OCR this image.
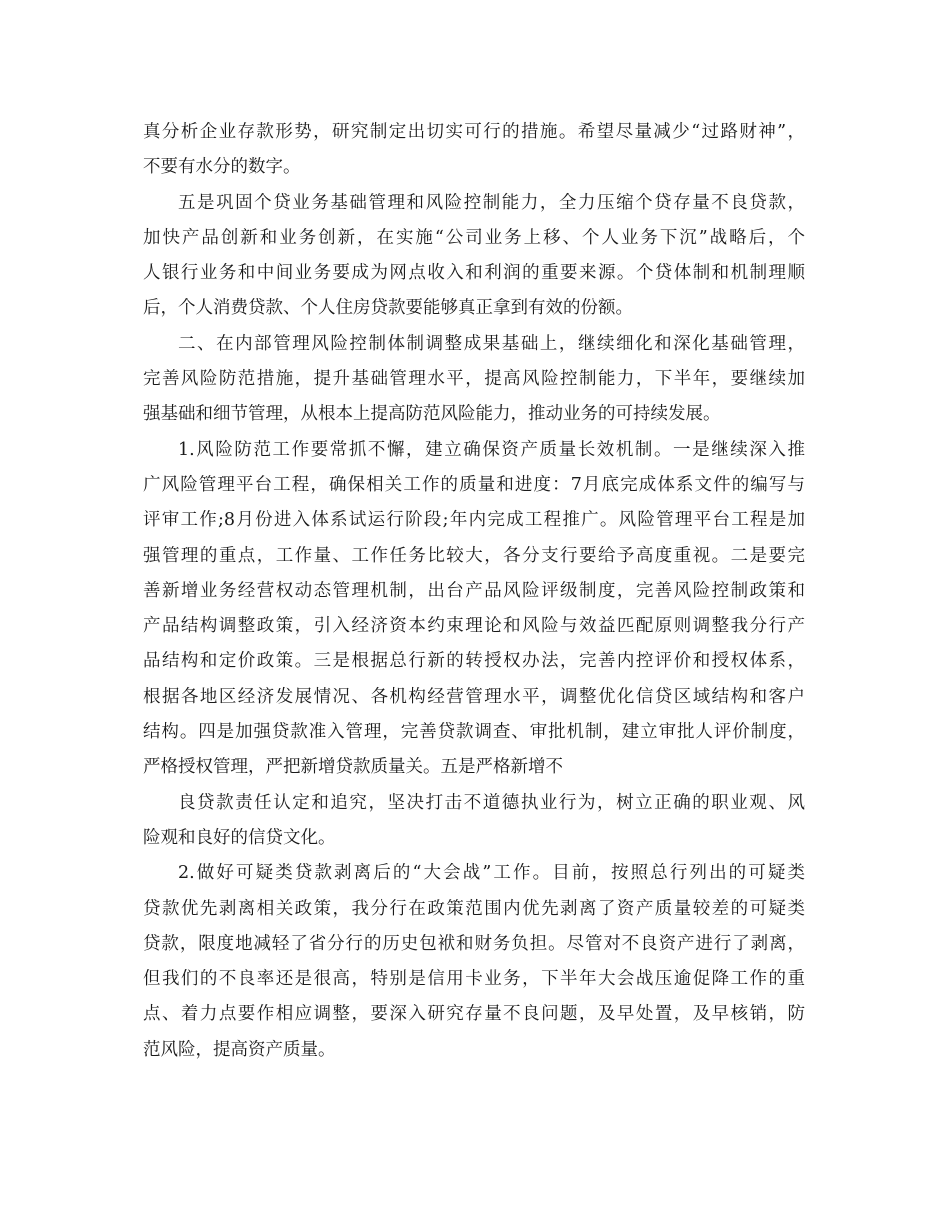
真分析企业存款形势，研究制定出切实可行的措施。希望尽量减少“过路财神”，
不要有水分的数字。
五是巩固个贷业务基础管理和风险控制能力，全力压缩个贷存量不良贷款，
加快产品创新和业务创新，在实施“公司业务上移、个人业务下沉”战略后，个
人银行业务和中间业务要成为网点收入和利润的重要来源。个贷体制和机制理顺
后，个人消费贷款、个人住房贷款要能够真正拿到有效的份额。
二、在内部管理风险控制体制调整成果基础上，继续细化和深化基础管理，
完善风险防范措施，提升基础管理水平，提高风险控制能力，下半年，要继续加
强基础和细节管理，从根本上提高防范风险能力，推动业务的可持续发展。
1.风险防范工作要常抓不懈，建立确保资产质量长效机制。一是继续深入推
广风险管理平台工程，确保相关工作的质量和进度：7月底完成体系文件的编写与
评审工作;8月份进入体系试运行阶段;年内完成工程推广。风险管理平台工程是加
强管理的重点，工作量、工作任务比较大，各分支行要给予高度重视。二是要完
善新增业务经营权动态管理机制，出台产品风险评级制度，完善风险控制政策和
产品结构调整政策，引入经济资本约束理论和风险与效益匹配原则调整我分行产
品结构和定价政策。三是根据总行新的转授权办法，完善内控评价和授权体系，
根据各地区经济发展情况、各机构经营管理水平，调整优化信贷区域结构和客户
结构。四是加强贷款准入管理，完善贷款调查、审批机制，建立审批人评价制度，
严格授权管理，严把新增贷款质量关。五是严格新增不
良贷款责任认定和追究，坚决打击不道德执业行为，树立正确的职业观、风
险观和良好的信贷文化。
2.做好可疑类贷款剥离后的“大会战”工作。目前，按照总行列出的可疑类
贷款优先剥离相关政策，我分行在政策范围内优先剥离了资产质量较差的可疑类
贷款，限度地减轻了省分行的历史包袱和财务负担。尽管对不良资产进行了剥离，
但我们的不良率还是很高，特别是信用卡业务，下半年大会战压逾促降工作的重
点、着力点要作相应调整，要深入研究存量不良问题，及早处置，及早核销，防
范风险，提高资产质量。
